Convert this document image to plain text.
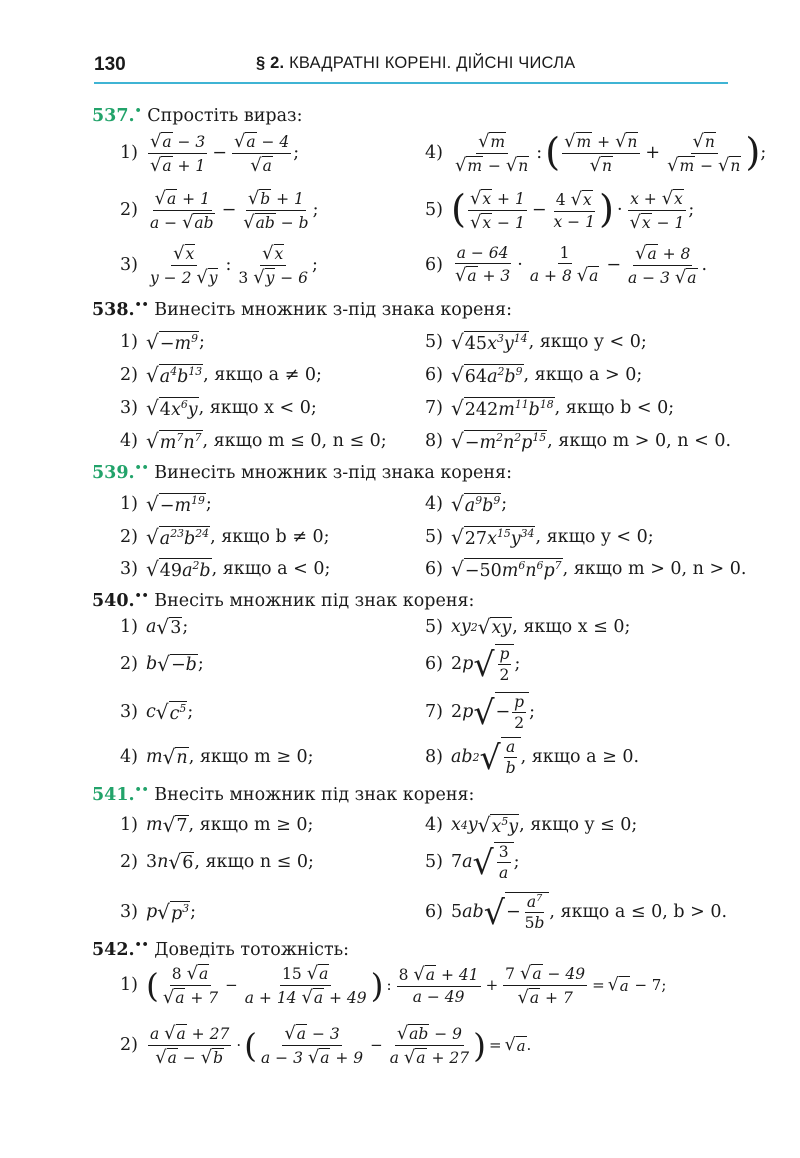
130	§ 2. КВАДРАТНІ КОРЕНІ. ДІЙСНІ ЧИСЛА
537.• Спростіть вираз:
$1) \frac{√a - 3}{√a + 1} - \frac{√a - 4}{√a}$ ;	$4) \frac{√m}{√m - √n}$ : ( $\frac{√m + √n}{√n} + \frac{√n}{√m - √n}$ ) ;
$2) \frac{√a + 1}{a - √ab} - \frac{√b + 1}{√ab - b}$ ;	5) ( $\frac{√x + 1}{√x - 1} - \frac{4 √x}{x - 1}$ ) · $\frac{x + √x}{√x - 1}$ ;
$3) \frac{√x}{y - 2 √y}$ : $\frac{√x}{3 √y - 6}$ ;	$6) \frac{a - 64}{√a + 3} \cdot \frac{1}{a + 8 √a} - \frac{√a + 8}{a - 3 √a}$ .
538.•• Винесіть множник з-під знака кореня:
1) √ $-m^9$ ;	5) √ $45x^3y^{14}$ , якщо y < 0;
2) √ $a^4b^{13}$ , якщо a ≠ 0;	6) √ $64a^2b^9$ , якщо a > 0;
3) √ $4x^6y$ , якщо x < 0;	7) √ $242m^{11}b^{18}$ , якщо b < 0;
4) √ $m^7n^7$ , якщо m ≤ 0, n ≤ 0; 8) √ $-m^2n^2p^{15}$ , якщо m > 0, n < 0.
539.•• Винесіть множник з-під знака кореня:
1) √ $-m^{19}$ ;	4) √ $a^9b^9$ ;
2) √ $a^{23}b^{24}$ , якщо b ≠ 0;	5) √ $27x^{15}y^{34}$ , якщо y < 0;
3) √ $49a^2b$ , якщо a < 0;	6) √ $-50m^6n^6p^7$ , якщо m > 0, n > 0.
540.•• Внесіть множник під знак кореня:
1) a √ 3 ;	5) xy 2 √ xy , якщо x ≤ 0;
2) b √ −b ;	6) 2 p √ $\frac{p}{2}$ ;
3) c √ $c^5$ ;	7) 2 p √ − $\frac{p}{2}$ ;
4) m √ n , якщо m ≥ 0;	8) ab 2 √ $\frac{a}{b}$ , якщо a ≥ 0.
541.•• Внесіть множник під знак кореня:
1) m √ 7 , якщо m ≥ 0;	4) x 4 y √ $x^5y$ , якщо y ≤ 0;
2) 3 n √ 6 , якщо n ≤ 0;	5) 7 a √ $\frac{3}{a}$ ;
3) p √ $p^3$ ;	6) 5 ab √ − $\frac{a^7}{5b}$ , якщо a ≤ 0, b > 0.
542.•• Доведіть тотожність:
1) ( $\frac{8 √a}{√a + 7} - \frac{15 √a}{a + 14 √a + 49}$ ) : $\frac{8 √a + 41}{a - 49} + \frac{7 √a - 49}{√a + 7}$ = √ a − 7;
$2) \frac{a √a + 27}{√a - √b}$ · ( $\frac{√a - 3}{a - 3 √a + 9} - \frac{√ab - 9}{a √a + 27}$ ) = √ a .
